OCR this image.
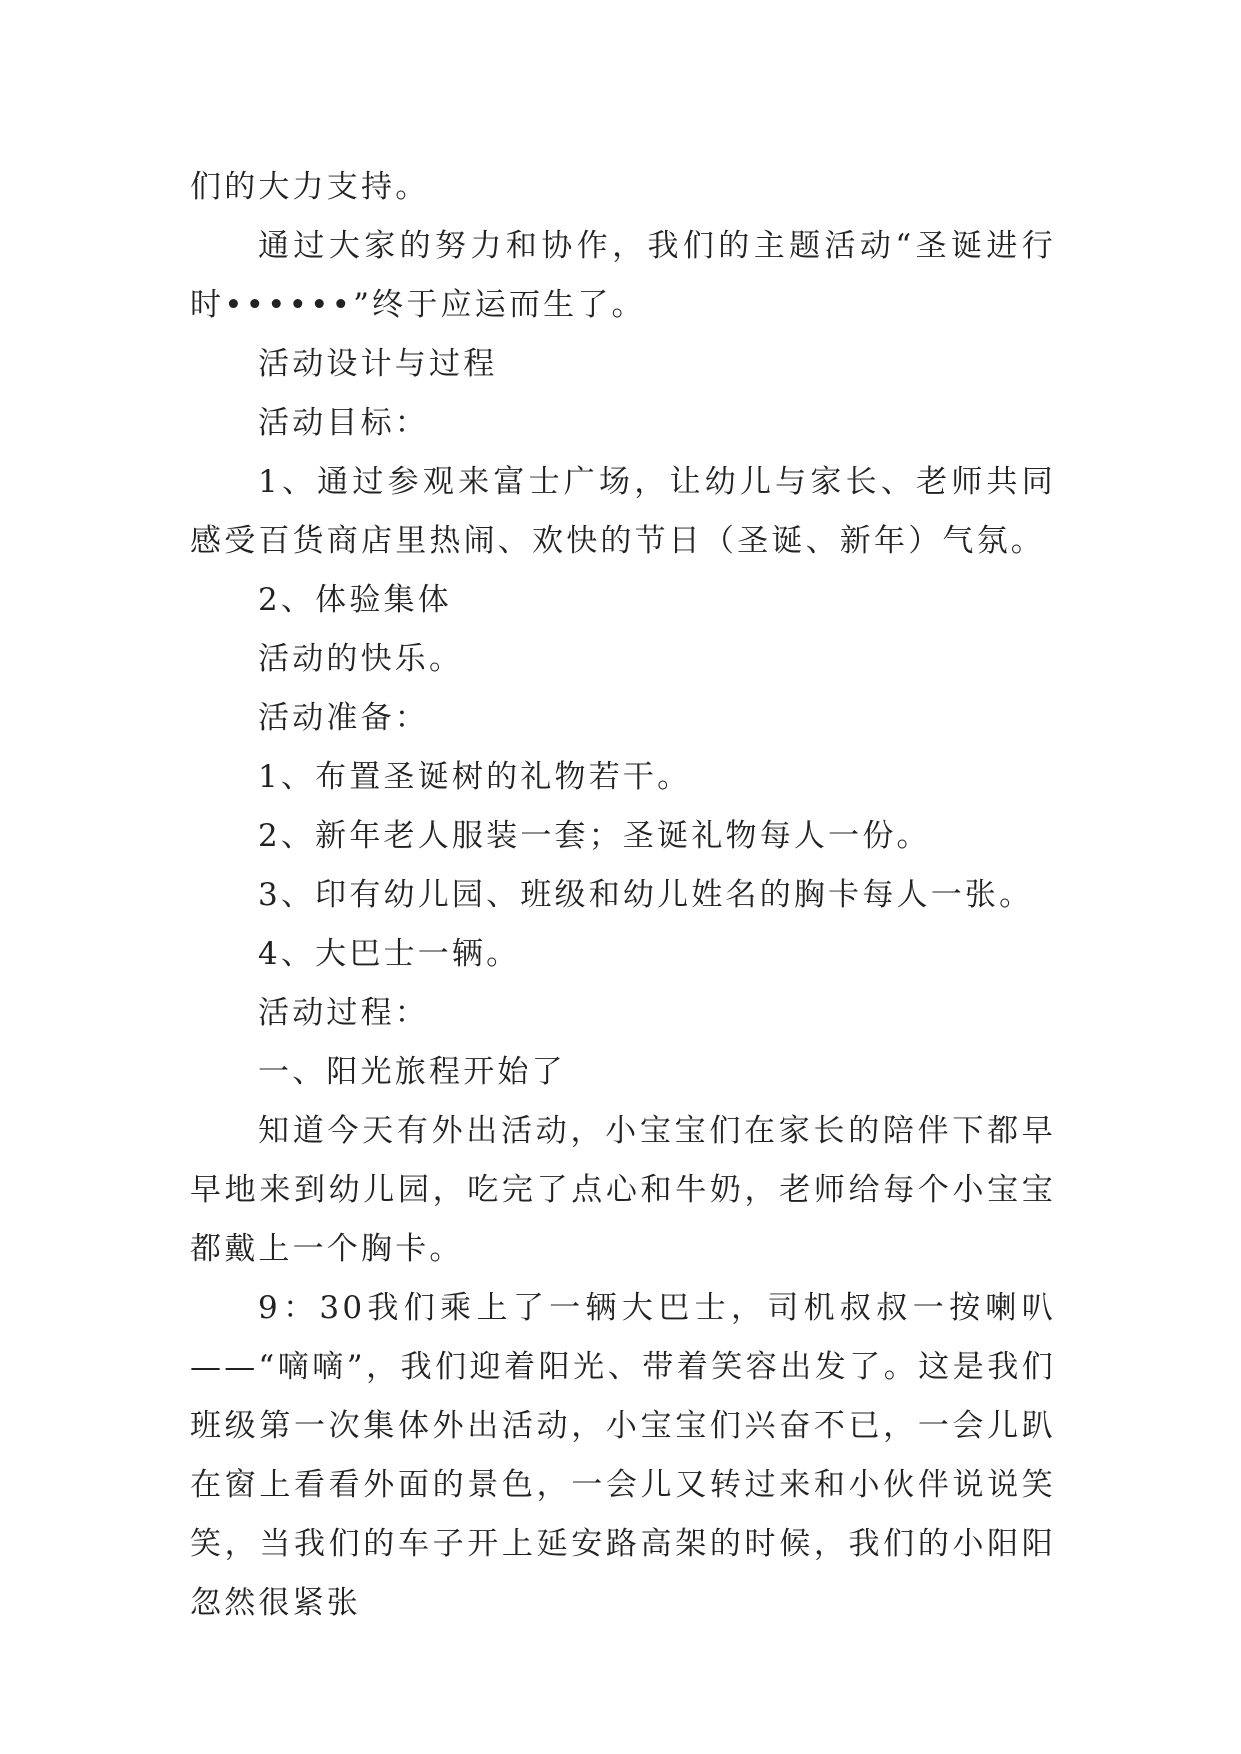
们的大力支持。

通过大家的努力和协作，我们的主题活动“圣诞进行时••••••”终于应运而生了。

活动设计与过程

活动目标：

1、通过参观来富士广场，让幼儿与家长、老师共同感受百货商店里热闹、欢快的节日（圣诞、新年）气氛。

2、体验集体

活动的快乐。

活动准备：

1、布置圣诞树的礼物若干。

2、新年老人服装一套；圣诞礼物每人一份。

3、印有幼儿园、班级和幼儿姓名的胸卡每人一张。

4、大巴士一辆。

活动过程：

一、阳光旅程开始了

知道今天有外出活动，小宝宝们在家长的陪伴下都早早地来到幼儿园，吃完了点心和牛奶，老师给每个小宝宝都戴上一个胸卡。

9：30我们乘上了一辆大巴士，司机叔叔一按喇叭——“嘀嘀”，我们迎着阳光、带着笑容出发了。这是我们班级第一次集体外出活动，小宝宝们兴奋不已，一会儿趴在窗上看看外面的景色，一会儿又转过来和小伙伴说说笑笑，当我们的车子开上延安路高架的时候，我们的小阳阳忽然很紧张
